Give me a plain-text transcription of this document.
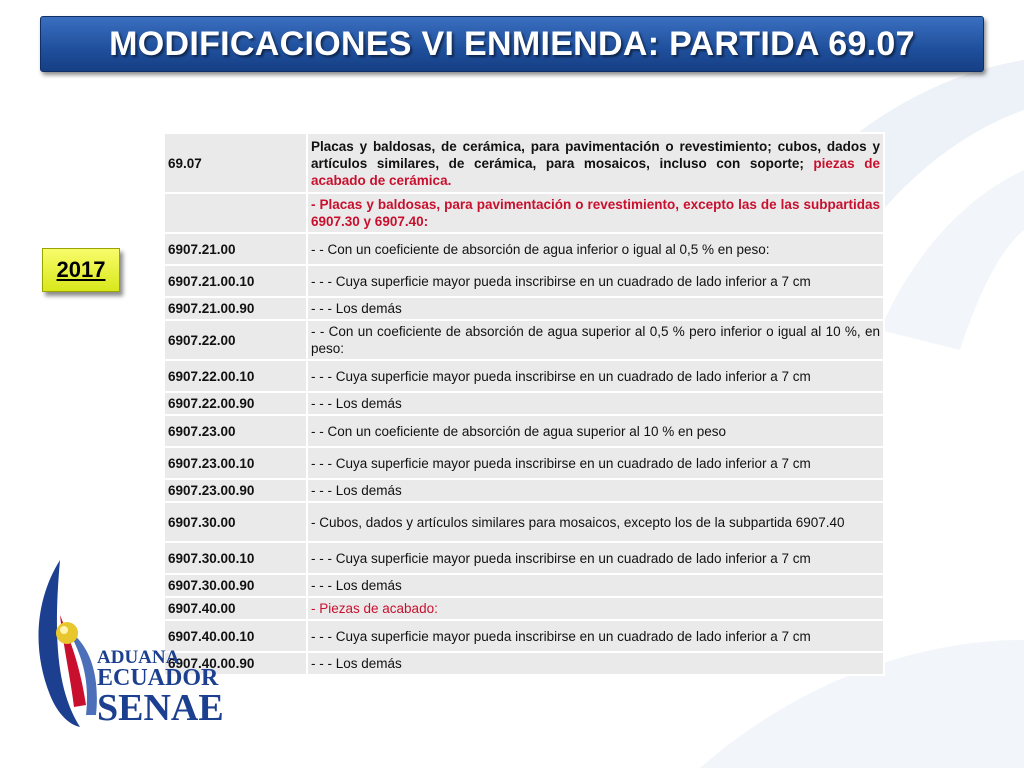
MODIFICACIONES VI ENMIENDA: PARTIDA 69.07
2017
69.07	Placas y baldosas, de cerámica, para pavimentación o revestimiento; cubos, dados y artículos similares, de cerámica, para mosaicos, incluso con soporte; piezas de acabado de cerámica.
	- Placas y baldosas, para pavimentación o revestimiento, excepto las de las subpartidas 6907.30 y 6907.40:
6907.21.00	- - Con un coeficiente de absorción de agua inferior o igual al 0,5 % en peso:
6907.21.00.10	- - - Cuya superficie mayor pueda inscribirse en un cuadrado de lado inferior a 7 cm
6907.21.00.90	- - - Los demás
6907.22.00	- - Con un coeficiente de absorción de agua superior al 0,5 % pero inferior o igual al 10 %, en peso:
6907.22.00.10	- - - Cuya superficie mayor pueda inscribirse en un cuadrado de lado inferior a 7 cm
6907.22.00.90	- - - Los demás
6907.23.00	- - Con un coeficiente de absorción de agua superior al 10 % en peso
6907.23.00.10	- - - Cuya superficie mayor pueda inscribirse en un cuadrado de lado inferior a 7 cm
6907.23.00.90	- - - Los demás
6907.30.00	- Cubos, dados y artículos similares para mosaicos, excepto los de la subpartida 6907.40
6907.30.00.10	- - - Cuya superficie mayor pueda inscribirse en un cuadrado de lado inferior a 7 cm
6907.30.00.90	- - - Los demás
6907.40.00	- Piezas de acabado:
6907.40.00.10	- - - Cuya superficie mayor pueda inscribirse en un cuadrado de lado inferior a 7 cm
6907.40.00.90	- - - Los demás
ADUANA
ECUADOR
SENAE
